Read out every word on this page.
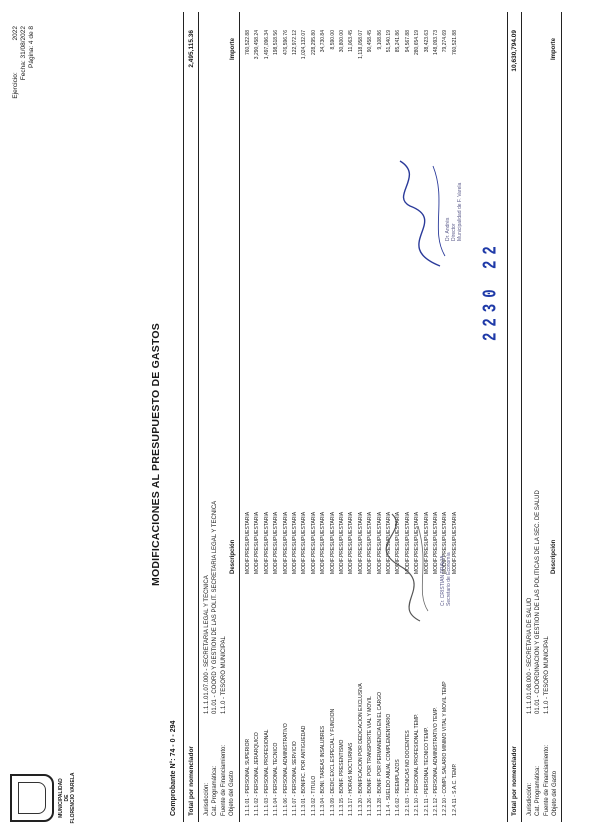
MUNICIPALIDAD DE FLORENCIO VARELA
MODIFICACIONES AL PRESUPUESTO DE GASTOS
Ejercicio: 2022 Fecha: 31/08/2022 Página: 4 de 8
2230 22
Comprobante N°: 74 - 0 - 294 Total por nomenclador
2,495,115.36
Jurisdicción: Cat. Programática: Fuente de Financiamiento: Objeto del Gasto
1.1.1.01.07.000 - SECRETARIA LEGAL Y TECNICA 01.01 - COORD Y GESTION DE LAS POLIT. SECRETARIA LEGAL Y TECNICA 1.1.0 - TESORO MUNICIPAL
Descripción
Importe
1.1.1.01 - PERSONAL SUPERIOR
MODIF.PRESUPUESTARIA
760,522.88
1.1.1.02 - PERSONAL JERARQUICO
MODIF.PRESUPUESTARIA
3,290,458.24
1.1.1.03 - PERSONAL PROFESIONAL
MODIF.PRESUPUESTARIA
1,497,096.34
1.1.1.04 - PERSONAL TECNICO
MODIF.PRESUPUESTARIA
198,518.56
1.1.1.06 - PERSONAL ADMINISTRATIVO
MODIF.PRESUPUESTARIA
476,596.76
1.1.1.07 - PERSONAL SERVICIO
MODIF.PRESUPUESTARIA
122,972.12
1.1.3.01 - BONIFIC. POR ANTIGUEDAD
MODIF.PRESUPUESTARIA
1,024,132.07
1.1.3.02 - TITULO
MODIF.PRESUPUESTARIA
228,295.80
1.1.3.04 - BONI. TAREAS INSALUBRES
MODIF.PRESUPUESTARIA
34,730.84
1.1.3.09 - DEDIC.EXCL.ESPECIAL.Y FUNCION
MODIF.PRESUPUESTARIA
8,590.00
1.1.3.15 - BONIF. PRESENTISMO
MODIF.PRESUPUESTARIA
30,800.00
1.1.3.17 - HORAS NOCTURNAS
MODIF.PRESUPUESTARIA
11,063.45
1.1.3.20 - BONIFICACION POR DEDICACION EXCLUSIVA
MODIF.PRESUPUESTARIA
1,118,058.07
1.1.3.26 - BONIF. POR TRANSPORTE VIAL Y MOVIL
MODIF.PRESUPUESTARIA
90,458.45
1.1.3.28 - BONIF. POR PERMANENCIA EN EL CARGO
MODIF.PRESUPUESTARIA
9,108.86
1.1.4 - SUELDO ANUAL COMPLEMENTARIO
MODIF.PRESUPUESTARIA
51,540.19
1.1.6.02 - REEMPLAZOS
MODIF.PRESUPUESTARIA
85,241.86
1.2.1.03 - TECNICAS NO DOCENTES
MODIF.PRESUPUESTARIA
94,567.88
1.2.1.10 - PERSONAL PROFESIONAL TEMP.
MODIF.PRESUPUESTARIA
280,654.19
1.2.1.11 - PERSONAL TECNICO TEMP.
MODIF.PRESUPUESTARIA
38,423.63
1.2.1.12 - PERSONAL ADMINISTRATIVO TEMP.
MODIF.PRESUPUESTARIA
148,093.73
1.2.2.10 - COMPL.SALARIO MINIMO VITAL Y MOVIL TEMP
MODIF.PRESUPUESTARIA
79,274.69
1.2.4.11 - S.A.C. TEMP.
MODIF.PRESUPUESTARIA
760,521.88
Total por nomenclador
10,630,794.09
Jurisdicción: Cat. Programática: Fuente de Financiamiento: Objeto del Gasto
1.1.1.01.08.000 - SECRETARIA DE SALUD 01.01 - COORDINACION Y GESTION DE LAS POLITICAS DE LA SEC. DE SALUD 1.1.0 - TESORO MUNICIPAL
Descripción
Importe
Cr. CRISTIAN PRAVIA Secretario de Economía
Dr. Andrés Director Municipalidad de F. Varela
